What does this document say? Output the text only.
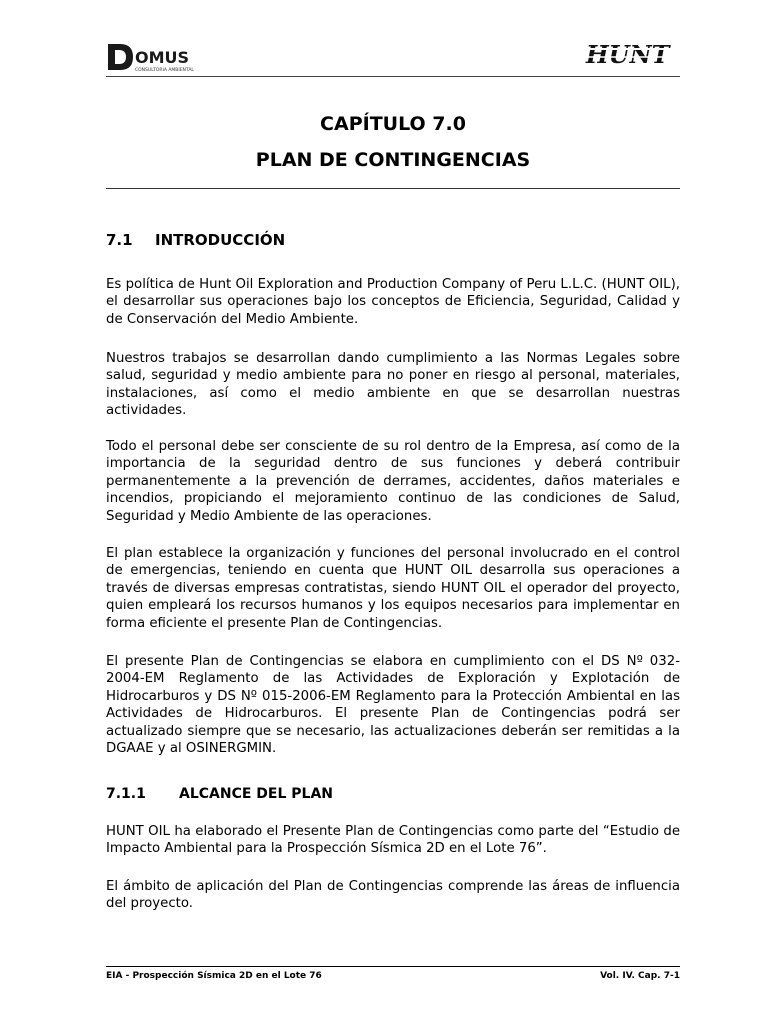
OMUS
CONSULTORIA AMBIENTAL
HUNT
CAPÍTULO 7.0
PLAN DE CONTINGENCIAS
7.1 INTRODUCCIÓN

Es política de Hunt Oil Exploration and Production Company of Peru L.L.C. (HUNT OIL), el desarrollar sus operaciones bajo los conceptos de Eficiencia, Seguridad, Calidad y de Conservación del Medio Ambiente.

Nuestros trabajos se desarrollan dando cumplimiento a las Normas Legales sobre salud, seguridad y medio ambiente para no poner en riesgo al personal, materiales, instalaciones, así como el medio ambiente en que se desarrollan nuestras actividades.

Todo el personal debe ser consciente de su rol dentro de la Empresa, así como de la importancia de la seguridad dentro de sus funciones y deberá contribuir permanentemente a la prevención de derrames, accidentes, daños materiales e incendios, propiciando el mejoramiento continuo de las condiciones de Salud, Seguridad y Medio Ambiente de las operaciones.

El plan establece la organización y funciones del personal involucrado en el control de emergencias, teniendo en cuenta que HUNT OIL desarrolla sus operaciones a través de diversas empresas contratistas, siendo HUNT OIL el operador del proyecto, quien empleará los recursos humanos y los equipos necesarios para implementar en forma eficiente el presente Plan de Contingencias.

El presente Plan de Contingencias se elabora en cumplimiento con el DS Nº 032-2004-EM Reglamento de las Actividades de Exploración y Explotación de Hidrocarburos y DS Nº 015-2006-EM Reglamento para la Protección Ambiental en las Actividades de Hidrocarburos. El presente Plan de Contingencias podrá ser actualizado siempre que se necesario, las actualizaciones deberán ser remitidas a la DGAAE y al OSINERGMIN.

7.1.1 ALCANCE DEL PLAN

HUNT OIL ha elaborado el Presente Plan de Contingencias como parte del “Estudio de Impacto Ambiental para la Prospección Sísmica 2D en el Lote 76”.

El ámbito de aplicación del Plan de Contingencias comprende las áreas de influencia del proyecto.

EIA - Prospección Sísmica 2D en el Lote 76	Vol. IV. Cap. 7-1
